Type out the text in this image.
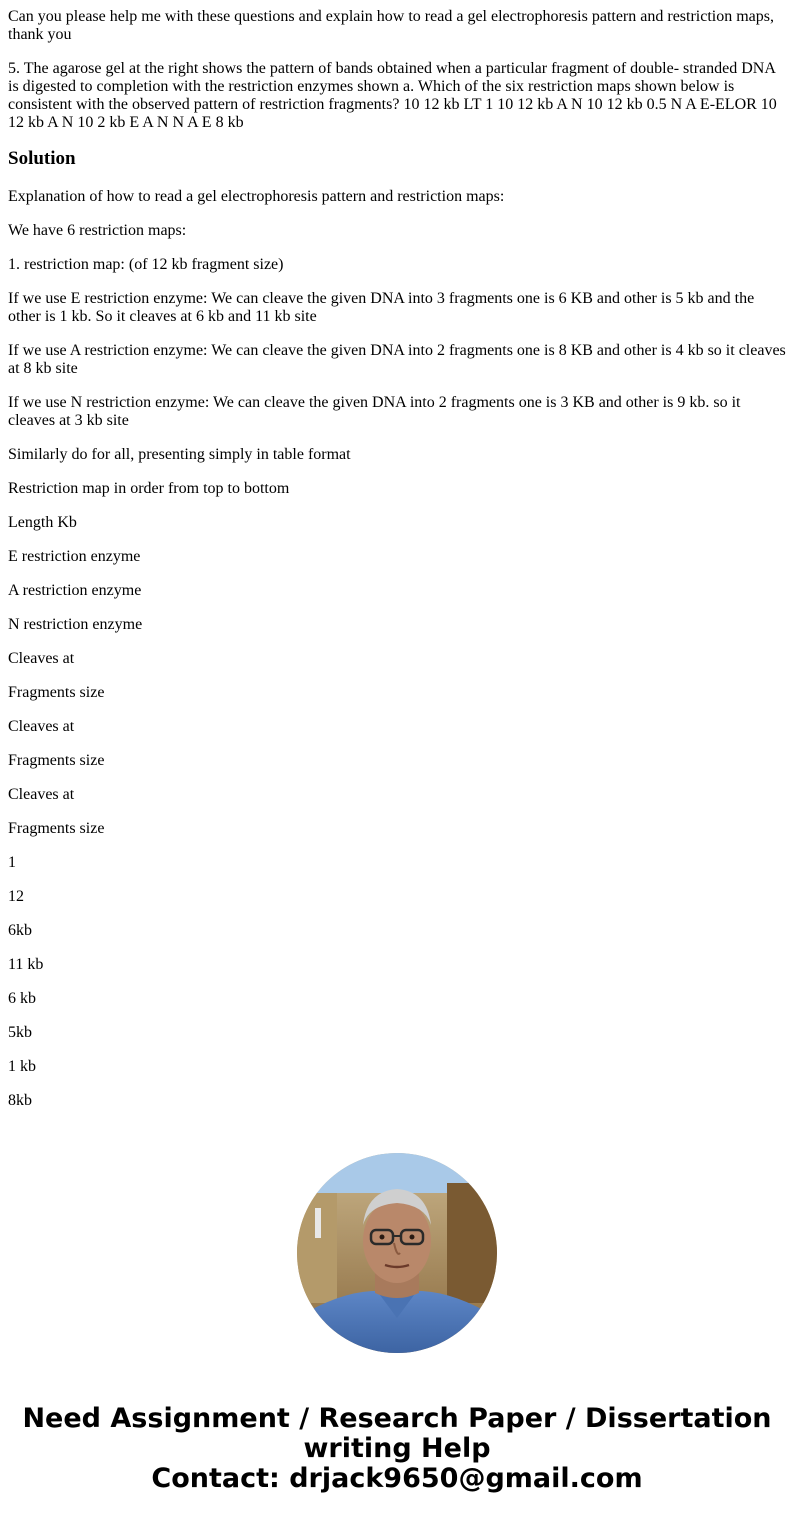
Can you please help me with these questions and explain how to read a gel electrophoresis pattern and restriction maps, thank you

5. The agarose gel at the right shows the pattern of bands obtained when a particular fragment of double- stranded DNA is digested to completion with the restriction enzymes shown a. Which of the six restriction maps shown below is consistent with the observed pattern of restriction fragments? 10 12 kb LT 1 10 12 kb A N 10 12 kb 0.5 N A E-ELOR 10 12 kb A N 10 2 kb E A N N A E 8 kb

Solution

Explanation of how to read a gel electrophoresis pattern and restriction maps:

We have 6 restriction maps:

1. restriction map: (of 12 kb fragment size)

If we use E restriction enzyme: We can cleave the given DNA into 3 fragments one is 6 KB and other is 5 kb and the other is 1 kb. So it cleaves at 6 kb and 11 kb site

If we use A restriction enzyme: We can cleave the given DNA into 2 fragments one is 8 KB and other is 4 kb so it cleaves at 8 kb site

If we use N restriction enzyme: We can cleave the given DNA into 2 fragments one is 3 KB and other is 9 kb. so it cleaves at 3 kb site

Similarly do for all, presenting simply in table format

Restriction map in order from top to bottom

Length Kb

E restriction enzyme

A restriction enzyme

N restriction enzyme

Cleaves at

Fragments size

Cleaves at

Fragments size

Cleaves at

Fragments size

1

12

6kb

11 kb

6 kb

5kb

1 kb

8kb

Need Assignment / Research Paper / Dissertation
writing Help
Contact: drjack9650@gmail.com
